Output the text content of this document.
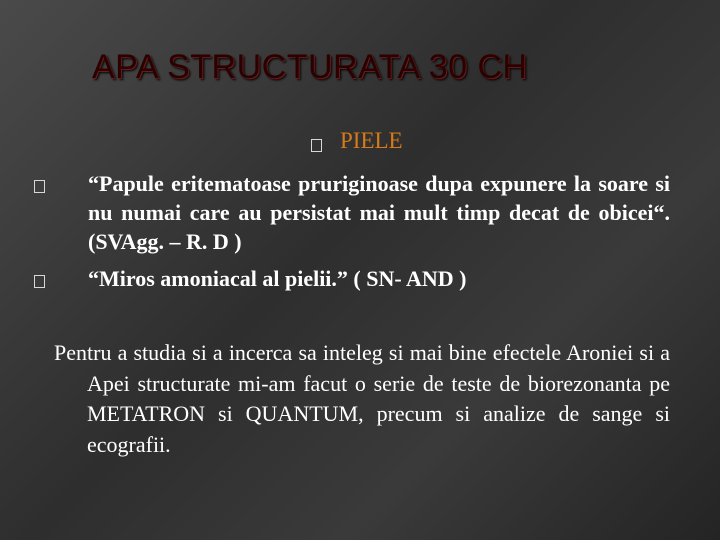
APA STRUCTURATA 30 CH
PIELE
“Papule eritematoase pruriginoase dupa expunere la soare si nu numai care au persistat mai mult timp decat de obicei“. (SVAgg. – R. D )
“Miros amoniacal al pielii.” ( SN- AND )
Pentru a studia si a incerca sa inteleg si mai bine efectele Aroniei si a Apei structurate mi-am facut o serie de teste de biorezonanta pe METATRON si QUANTUM, precum si analize de sange si ecografii.
